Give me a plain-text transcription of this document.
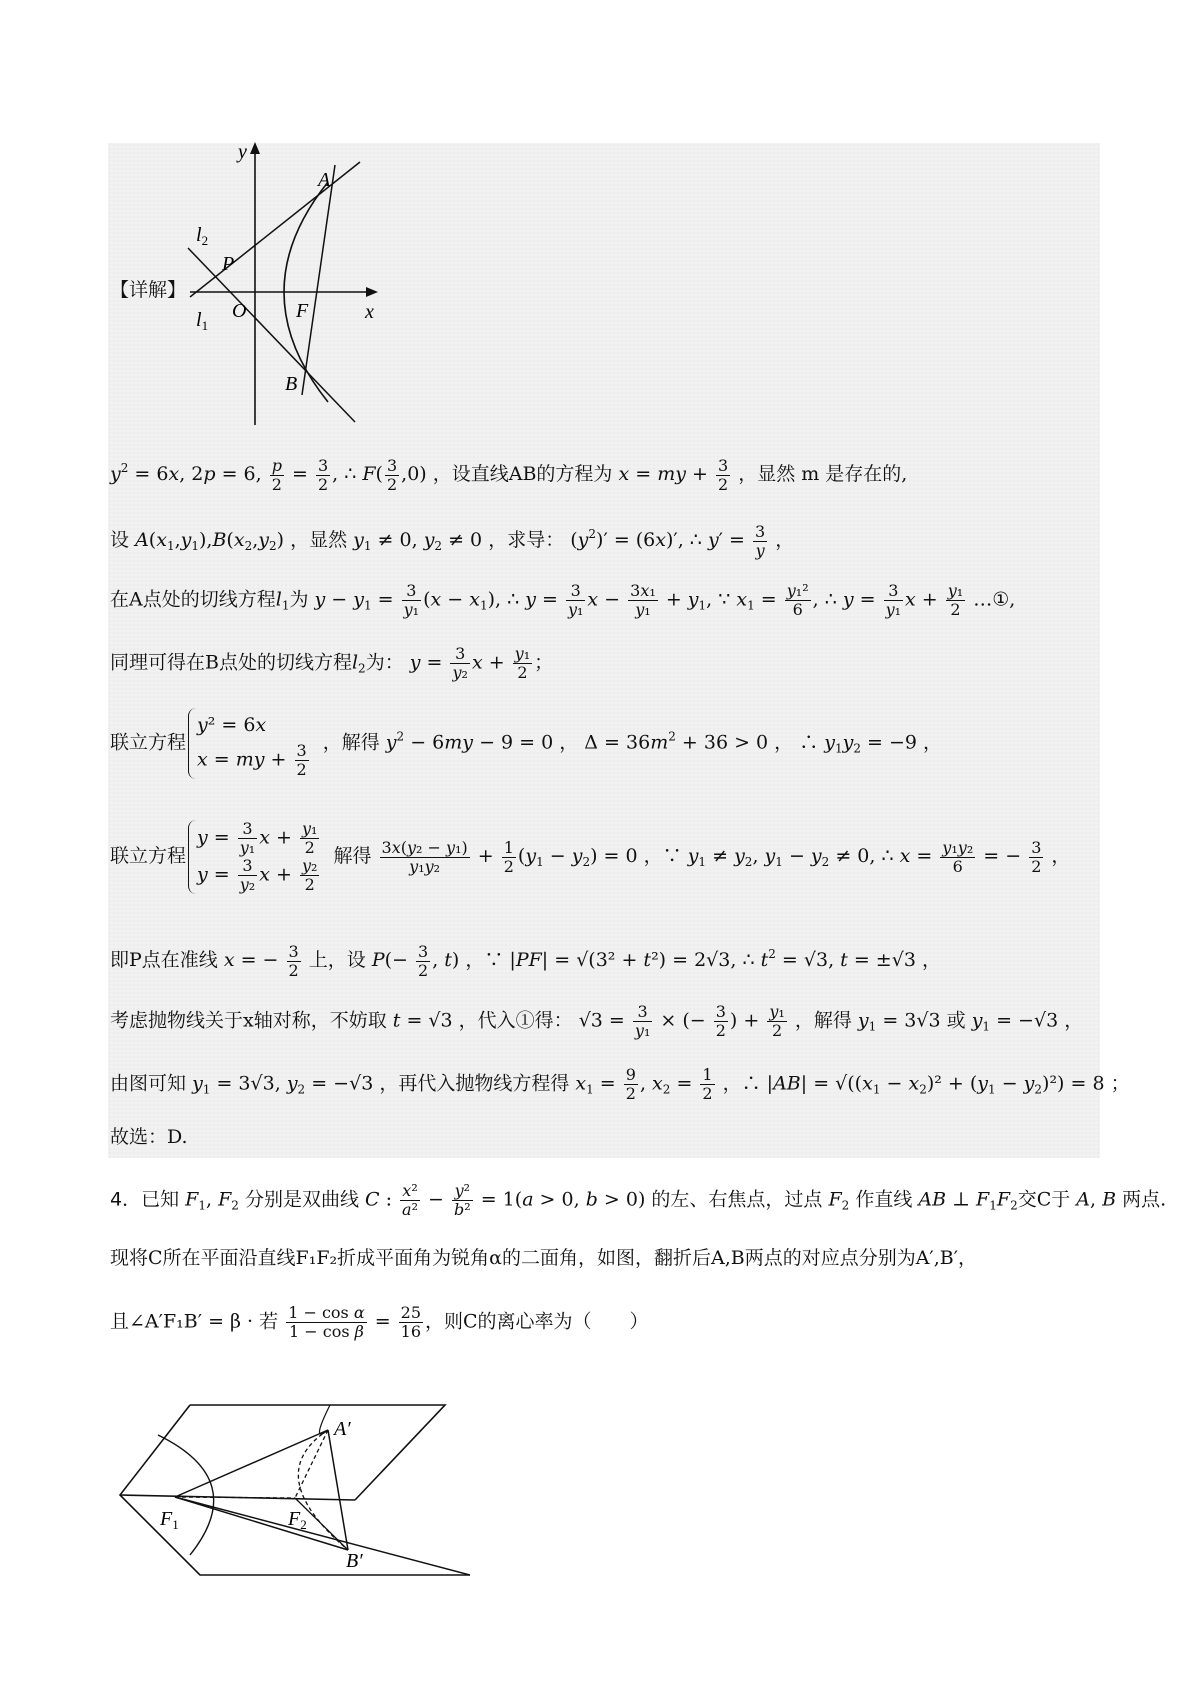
y
x
A
B
P
O F
$l_2$
$l_1$
【详解】
$y^2 = 6x$, 2p = 6, $\frac{p}{2} = \frac{3}{2}$ , ∴ $F( \frac{3}{2} ,0)$ ，设直线AB的方程为 x = my + $\frac{3}{2}$ ，显然 m 是存在的,
设 $A(x_1,y_1),B(x_2,y_2)$ ，显然 $y_1 \ne 0$, $y_2 \ne 0$ ，求导： $(y^2)' = (6x)'$, ∴ $y' = \frac{3}{y}$ ，
在A点处的切线方程$l_1$为 $y - y_1 = \frac{3}{\text{y₁}} (x - x_1)$, ∴ $y = \frac{3}{\text{y₁}}$ $x - \frac{\text{3x₁}}{\text{y₁}} + y_1$, ∵ $x_1 = \frac{\text{y₁²}}{6}$ , ∴ $y = \frac{3}{\text{y₁}}$ $x + \frac{\text{y₁}}{2}$ …①,
同理可得在B点处的切线方程$l_2$为： $y = \frac{3}{\text{y₂}}$ $x + \frac{\text{y₁}}{2}$ ；
联立方程
y² = 6x
x = my + $\frac{3}{2}$ ，解得 $y^2 - 6my - 9 = 0$ ， $\Delta = 36m^2 + 36 > 0$ ， ∴ $y_1y_2 = -9$ ，
联立方程
$y = \frac{3}{\text{y₁}}$ $x + \frac{\text{y₁}}{2}$
$y = \frac{3}{\text{y₂}}$ $x + \frac{\text{y₂}}{2}$
解得 $\frac{\text{3x(y₂ − y₁)}}{\text{y₁y₂}} + \frac{1}{2} (y_1 - y_2) = 0$ ，∵ $y_1 \ne y_2$, $y_1 - y_2 \ne 0$, ∴ $x = \frac{\text{y₁y₂}}{6}$ = − $\frac{3}{2}$ ，
即P点在准线 x = − $\frac{3}{2}$ 上，设 $P(- \frac{3}{2}$ , t) ，∵ |PF| = √(3² + t²) = 2√3, ∴ $t^2 = √3$, t = ±√3 ，
考虑抛物线关于x轴对称，不妨取 t = √3 ，代入①得： $√3 = \frac{3}{\text{y₁}}$ × (− $\frac{3}{2}$ ) + $\frac{\text{y₁}}{2}$ ，解得 $y_1 = 3√3$ 或 $y_1 = -√3$ ，
由图可知 $y_1 = 3√3$, $y_2 = -√3$ ，再代入抛物线方程得 $x_1 = \frac{9}{2}$ , $x_2 = \frac{1}{2}$ ，∴ $|AB| = √((x_1 - x_2)^2 + (y_1 - y_2)^2) = 8$ ；
故选：D.
4．已知 $F_1$, $F_2$ 分别是双曲线 C : $\frac{\text{x²}}{\text{a²}} - \frac{\text{y²}}{\text{b²}} = 1(a > 0$, b > 0) 的左、右焦点，过点 $F_2$ 作直线 AB ⊥ $F_1F_2$交C于 A, B 两点.
现将C所在平面沿直线F₁F₂折成平面角为锐角α的二面角，如图，翻折后A,B两点的对应点分别为A′,B′，
且∠A′F₁B′ = β · 若 $\frac{\text{1 − cos α}}{\text{1 − cos β}} = \frac{25}{16}$ ，则C的离心率为（　　）
A′
B′
$F_1$	$F_2$
